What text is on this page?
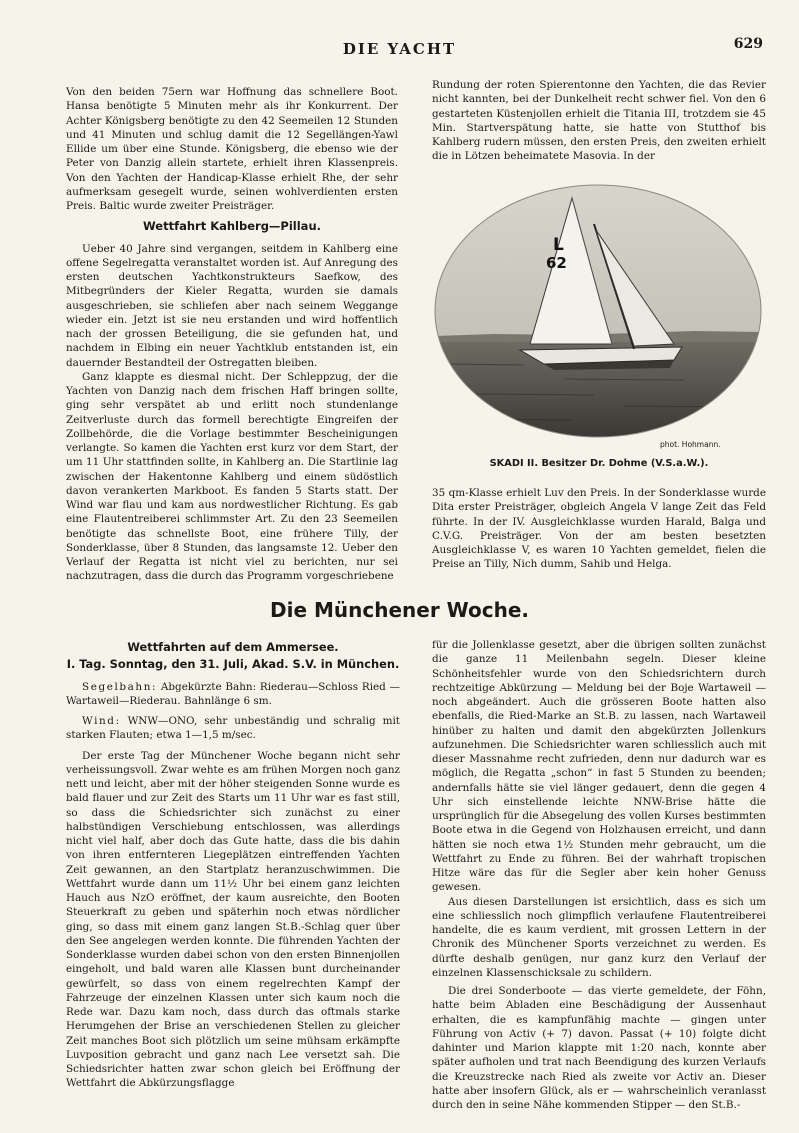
DIE YACHT	629

Von den beiden 75ern war Hoffnung das schnellere Boot. Hansa benötigte 5 Minuten mehr als ihr Konkurrent. Der Achter Königsberg benötigte zu den 42 Seemeilen 12 Stunden und 41 Minuten und schlug damit die 12 Segellängen-Yawl Ellide um über eine Stunde. Königsberg, die ebenso wie der Peter von Danzig allein startete, erhielt ihren Klassenpreis. Von den Yachten der Handicap-Klasse erhielt Rhe, der sehr aufmerksam gesegelt wurde, seinen wohlverdienten ersten Preis. Baltic wurde zweiter Preisträger.

Wettfahrt Kahlberg—Pillau.

Ueber 40 Jahre sind vergangen, seitdem in Kahlberg eine offene Segelregatta veranstaltet worden ist. Auf Anregung des ersten deutschen Yachtkonstrukteurs Saefkow, des Mitbegründers der Kieler Regatta, wurden sie damals ausgeschrieben, sie schliefen aber nach seinem Weggange wieder ein. Jetzt ist sie neu erstanden und wird hoffentlich nach der grossen Beteiligung, die sie gefunden hat, und nachdem in Elbing ein neuer Yachtklub entstanden ist, ein dauernder Bestandteil der Ostregatten bleiben.

Ganz klappte es diesmal nicht. Der Schleppzug, der die Yachten von Danzig nach dem frischen Haff bringen sollte, ging sehr verspätet ab und erlitt noch stundenlange Zeitverluste durch das formell berechtigte Eingreifen der Zollbehörde, die die Vorlage bestimmter Bescheinigungen verlangte. So kamen die Yachten erst kurz vor dem Start, der um 11 Uhr stattfinden sollte, in Kahlberg an. Die Startlinie lag zwischen der Hakentonne Kahlberg und einem südöstlich davon verankerten Markboot. Es fanden 5 Starts statt. Der Wind war flau und kam aus nordwestlicher Richtung. Es gab eine Flautentreiberei schlimmster Art. Zu den 23 Seemeilen benötigte das schnellste Boot, eine frühere Tilly, der Sonderklasse, über 8 Stunden, das langsamste 12. Ueber den Verlauf der Regatta ist nicht viel zu berichten, nur sei nachzutragen, dass die durch das Programm vorgeschriebene

Rundung der roten Spierentonne den Yachten, die das Revier nicht kannten, bei der Dunkelheit recht schwer fiel. Von den 6 gestarteten Küstenjollen erhielt die Titania III, trotzdem sie 45 Min. Startverspätung hatte, sie hatte von Stutthof bis Kahlberg rudern müssen, den ersten Preis, den zweiten erhielt die in Lötzen beheimatete Masovia. In der

L
62
phot. Hohmann.
SKADI II. Besitzer Dr. Dohme (V.S.a.W.).

35 qm-Klasse erhielt Luv den Preis. In der Sonderklasse wurde Dita erster Preisträger, obgleich Angela V lange Zeit das Feld führte. In der IV. Ausgleichklasse wurden Harald, Balga und C.V.G. Preisträger. Von der am besten besetzten Ausgleichklasse V, es waren 10 Yachten gemeldet, fielen die Preise an Tilly, Nich dumm, Sahib und Helga.

Die Münchener Woche.
Wettfahrten auf dem Ammersee.
I. Tag. Sonntag, den 31. Juli, Akad. S.V. in München.

Segelbahn: Abgekürzte Bahn: Riederau—Schloss Ried —Wartaweil—Riederau. Bahnlänge 6 sm.

Wind: WNW—ONO, sehr unbeständig und schralig mit starken Flauten; etwa 1—1,5 m/sec.

Der erste Tag der Münchener Woche begann nicht sehr verheissungsvoll. Zwar wehte es am frühen Morgen noch ganz nett und leicht, aber mit der höher steigenden Sonne wurde es bald flauer und zur Zeit des Starts um 11 Uhr war es fast still, so dass die Schiedsrichter sich zunächst zu einer halbstündigen Verschiebung entschlossen, was allerdings nicht viel half, aber doch das Gute hatte, dass die bis dahin von ihren entfernteren Liegeplätzen eintreffenden Yachten Zeit gewannen, an den Startplatz heranzuschwimmen. Die Wettfahrt wurde dann um 11½ Uhr bei einem ganz leichten Hauch aus NzO eröffnet, der kaum ausreichte, den Booten Steuerkraft zu geben und späterhin noch etwas nördlicher ging, so dass mit einem ganz langen St.B.-Schlag quer über den See angelegen werden konnte. Die führenden Yachten der Sonderklasse wurden dabei schon von den ersten Binnenjollen eingeholt, und bald waren alle Klassen bunt durcheinander gewürfelt, so dass von einem regelrechten Kampf der Fahrzeuge der einzelnen Klassen unter sich kaum noch die Rede war. Dazu kam noch, dass durch das oftmals starke Herumgehen der Brise an verschiedenen Stellen zu gleicher Zeit manches Boot sich plötzlich um seine mühsam erkämpfte Luvposition gebracht und ganz nach Lee versetzt sah. Die Schiedsrichter hatten zwar schon gleich bei Eröffnung der Wettfahrt die Abkürzungsflagge

für die Jollenklasse gesetzt, aber die übrigen sollten zunächst die ganze 11 Meilenbahn segeln. Dieser kleine Schönheitsfehler wurde von den Schiedsrichtern durch rechtzeitige Abkürzung — Meldung bei der Boje Wartaweil — noch abgeändert. Auch die grösseren Boote hatten also ebenfalls, die Ried-Marke an St.B. zu lassen, nach Wartaweil hinüber zu halten und damit den abgekürzten Jollenkurs aufzunehmen. Die Schiedsrichter waren schliesslich auch mit dieser Massnahme recht zufrieden, denn nur dadurch war es möglich, die Regatta „schon“ in fast 5 Stunden zu beenden; andernfalls hätte sie viel länger gedauert, denn die gegen 4 Uhr sich einstellende leichte NNW-Brise hätte die ursprünglich für die Absegelung des vollen Kurses bestimmten Boote etwa in die Gegend von Holzhausen erreicht, und dann hätten sie noch etwa 1½ Stunden mehr gebraucht, um die Wettfahrt zu Ende zu führen. Bei der wahrhaft tropischen Hitze wäre das für die Segler aber kein hoher Genuss gewesen.

Aus diesen Darstellungen ist ersichtlich, dass es sich um eine schliesslich noch glimpflich verlaufene Flautentreiberei handelte, die es kaum verdient, mit grossen Lettern in der Chronik des Münchener Sports verzeichnet zu werden. Es dürfte deshalb genügen, nur ganz kurz den Verlauf der einzelnen Klassenschicksale zu schildern.

Die drei Sonderboote — das vierte gemeldete, der Föhn, hatte beim Abladen eine Beschädigung der Aussenhaut erhalten, die es kampfunfähig machte — gingen unter Führung von Activ (+ 7) davon. Passat (+ 10) folgte dicht dahinter und Marion klappte mit 1:20 nach, konnte aber später aufholen und trat nach Beendigung des kurzen Verlaufs die Kreuzstrecke nach Ried als zweite vor Activ an. Dieser hatte aber insofern Glück, als er — wahrscheinlich veranlasst durch den in seine Nähe kommenden Stipper — den St.B.-
